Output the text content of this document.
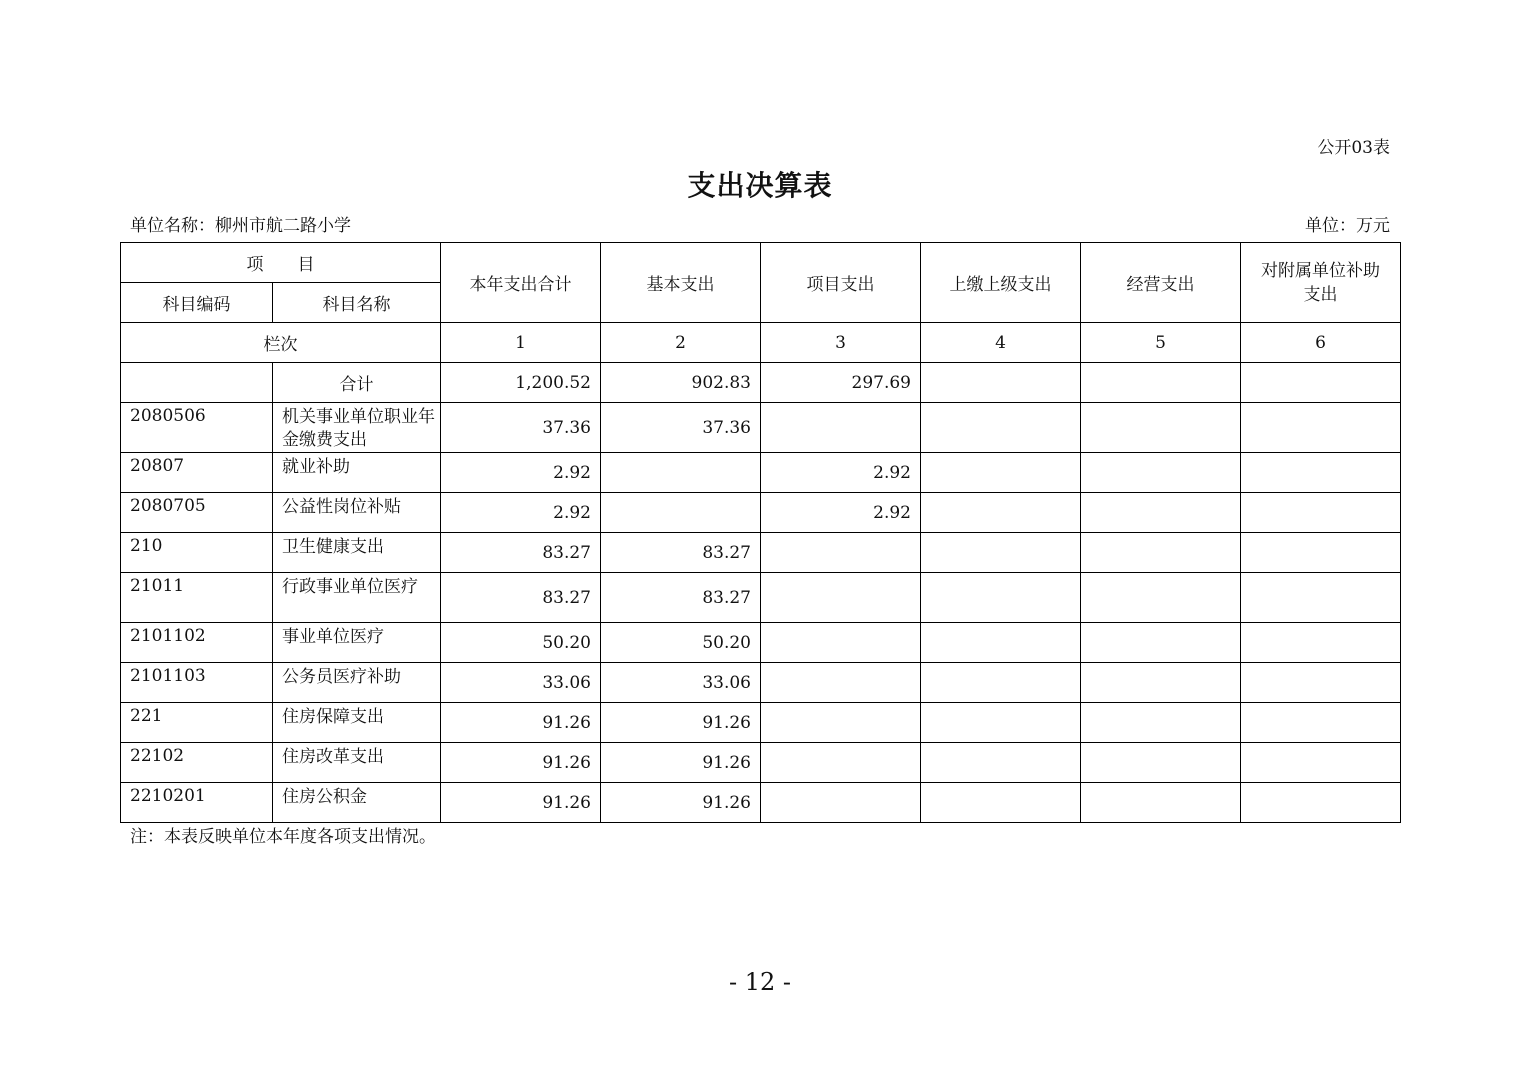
公开03表
支出决算表
单位名称：柳州市航二路小学	单位：万元
项　　目		本年支出合计	基本支出	项目支出	上缴上级支出	经营支出	对附属单位补助支出
科目编码	科目名称						
栏次		1	2	3	4	5	6
	合计	1,200.52	902.83	297.69			
2080506	机关事业单位职业年金缴费支出	37.36	37.36				
20807	就业补助	2.92		2.92			
2080705	公益性岗位补贴	2.92		2.92			
210	卫生健康支出	83.27	83.27				
21011	行政事业单位医疗	83.27	83.27				
2101102	事业单位医疗	50.20	50.20				
2101103	公务员医疗补助	33.06	33.06				
221	住房保障支出	91.26	91.26				
22102	住房改革支出	91.26	91.26				
2210201	住房公积金	91.26	91.26				
注：本表反映单位本年度各项支出情况。
- 12 -
